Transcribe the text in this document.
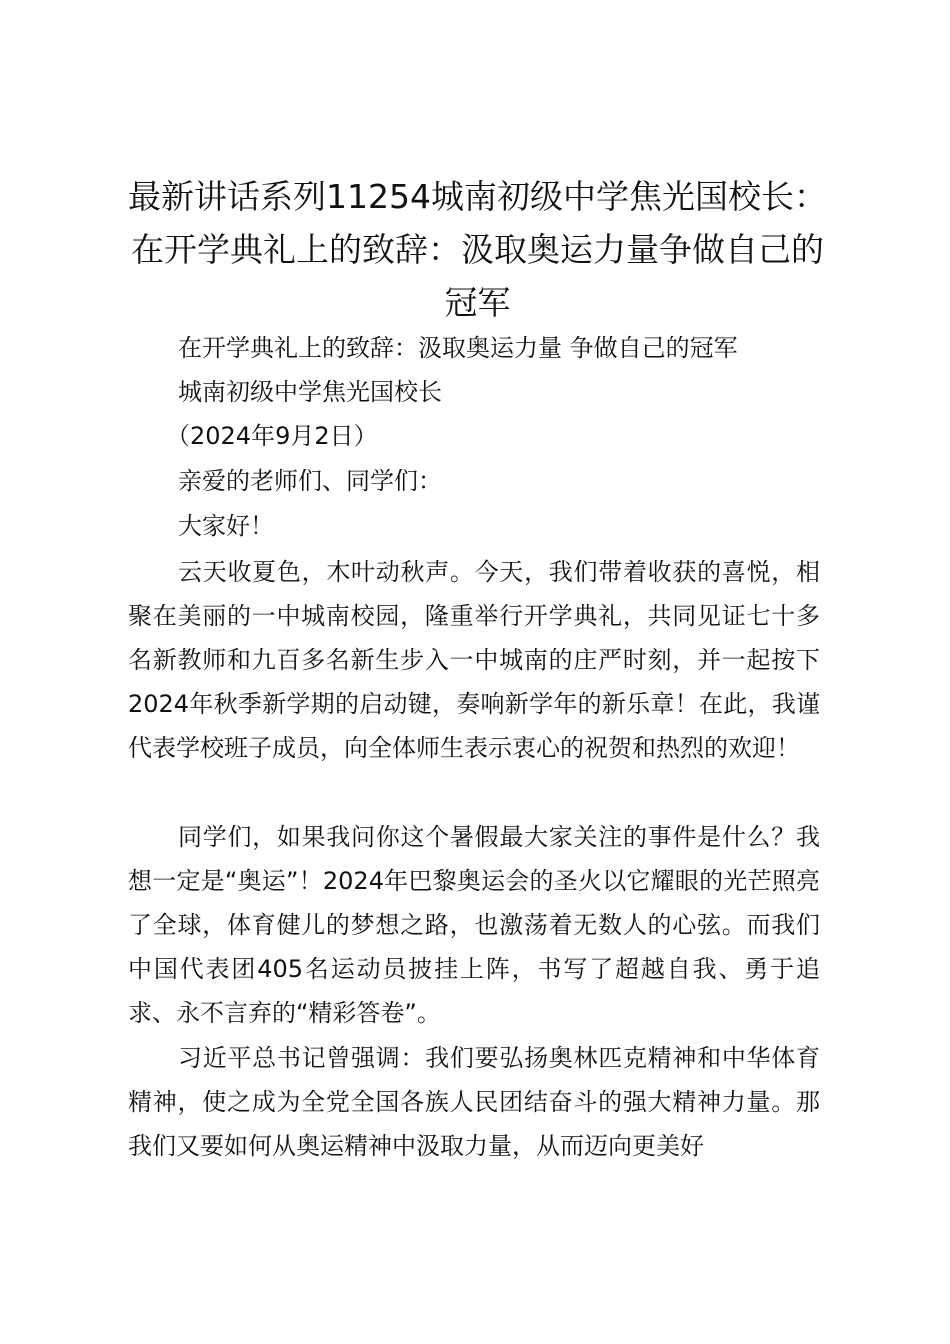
最新讲话系列11254城南初级中学焦光国校长：在开学典礼上的致辞：汲取奥运力量争做自己的冠军

在开学典礼上的致辞：汲取奥运力量 争做自己的冠军

城南初级中学焦光国校长

（2024年9月2日）

亲爱的老师们、同学们：

大家好！

云天收夏色，木叶动秋声。今天，我们带着收获的喜悦，相聚在美丽的一中城南校园，隆重举行开学典礼，共同见证七十多名新教师和九百多名新生步入一中城南的庄严时刻，并一起按下2024年秋季新学期的启动键，奏响新学年的新乐章！在此，我谨代表学校班子成员，向全体师生表示衷心的祝贺和热烈的欢迎！

同学们，如果我问你这个暑假最大家关注的事件是什么？我想一定是“奥运”！2024年巴黎奥运会的圣火以它耀眼的光芒照亮了全球，体育健儿的梦想之路，也激荡着无数人的心弦。而我们中国代表团405名运动员披挂上阵，书写了超越自我、勇于追求、永不言弃的“精彩答卷”。

习近平总书记曾强调：我们要弘扬奥林匹克精神和中华体育精神，使之成为全党全国各族人民团结奋斗的强大精神力量。那我们又要如何从奥运精神中汲取力量，从而迈向更美好
